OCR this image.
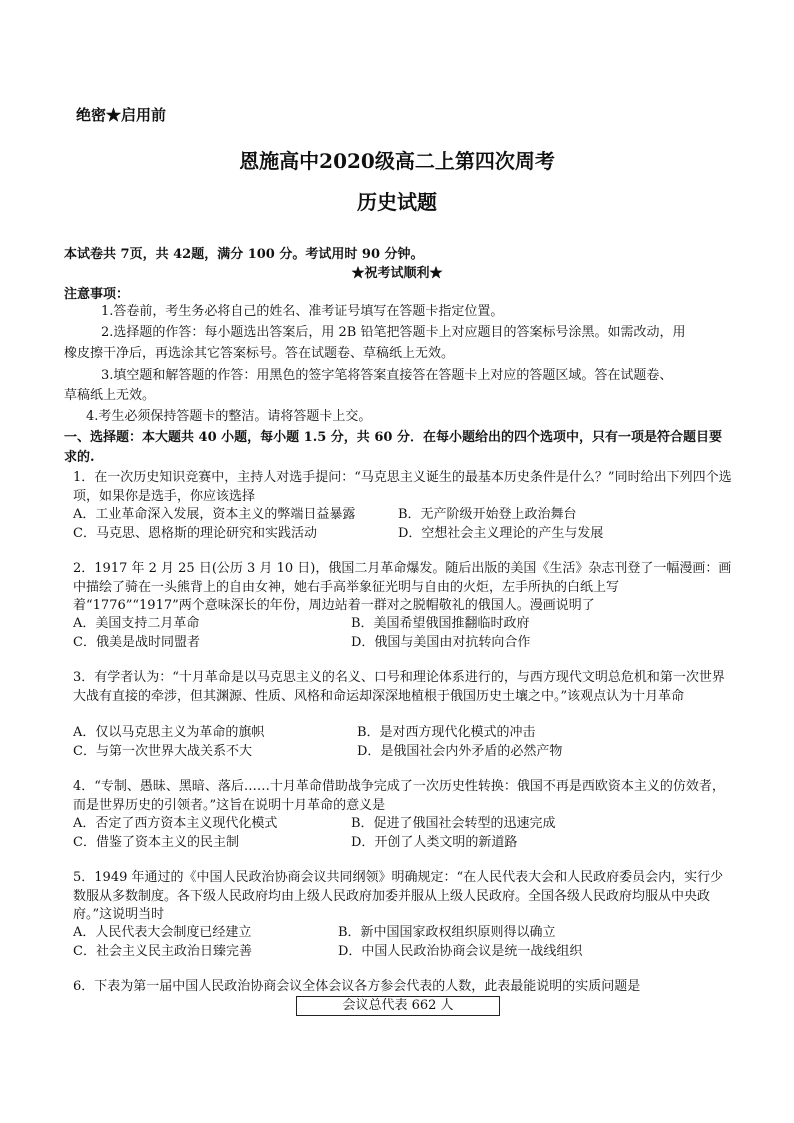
绝密★启用前
恩施高中2020级高二上第四次周考
历史试题
本试卷共 7页，共 42题，满分 100 分。考试用时 90 分钟。
★祝考试顺利★
注意事项：
1.答卷前，考生务必将自己的姓名、准考证号填写在答题卡指定位置。
2.选择题的作答：每小题选出答案后，用 2B 铅笔把答题卡上对应题目的答案标号涂黑。如需改动，用
橡皮擦干净后，再选涂其它答案标号。答在试题卷、草稿纸上无效。
3.填空题和解答题的作答：用黑色的签字笔将答案直接答在答题卡上对应的答题区域。答在试题卷、
草稿纸上无效。
4.考生必须保持答题卡的整洁。请将答题卡上交。
一、选择题：本大题共 40 小题，每小题 1.5 分，共 60 分．在每小题给出的四个选项中，只有一项是符合题目要求的.
1．在一次历史知识竞赛中，主持人对选手提问：“马克思主义诞生的最基本历史条件是什么？”同时给出下列四个选项，如果你是选手，你应该选择
A．工业革命深入发展，资本主义的弊端日益暴露	B．无产阶级开始登上政治舞台
C．马克思、恩格斯的理论研究和实践活动	D．空想社会主义理论的产生与发展
2．1917 年 2 月 25 日(公历 3 月 10 日)，俄国二月革命爆发。随后出版的美国《生活》杂志刊登了一幅漫画：画中描绘了骑在一头熊背上的自由女神，她右手高举象征光明与自由的火炬，左手所执的白纸上写着“1776”“1917”两个意味深长的年份，周边站着一群对之脱帽敬礼的俄国人。漫画说明了
A．美国支持二月革命	B．美国希望俄国推翻临时政府
C．俄美是战时同盟者	D．俄国与美国由对抗转向合作
3．有学者认为：“十月革命是以马克思主义的名义、口号和理论体系进行的，与西方现代文明总危机和第一次世界大战有直接的牵涉，但其渊源、性质、风格和命运却深深地植根于俄国历史土壤之中。”该观点认为十月革命
A．仅以马克思主义为革命的旗帜	B．是对西方现代化模式的冲击
C．与第一次世界大战关系不大	D．是俄国社会内外矛盾的必然产物
4．“专制、愚昧、黑暗、落后……十月革命借助战争完成了一次历史性转换：俄国不再是西欧资本主义的仿效者，而是世界历史的引领者。”这旨在说明十月革命的意义是
A．否定了西方资本主义现代化模式	B．促进了俄国社会转型的迅速完成
C．借鉴了资本主义的民主制	D．开创了人类文明的新道路
5．1949 年通过的《中国人民政治协商会议共同纲领》明确规定：“在人民代表大会和人民政府委员会内，实行少数服从多数制度。各下级人民政府均由上级人民政府加委并服从上级人民政府。全国各级人民政府均服从中央政府。”这说明当时
A．人民代表大会制度已经建立	B．新中国国家政权组织原则得以确立
C．社会主义民主政治日臻完善	D．中国人民政治协商会议是统一战线组织
6．下表为第一届中国人民政治协商会议全体会议各方参会代表的人数，此表最能说明的实质问题是
会议总代表 662 人
